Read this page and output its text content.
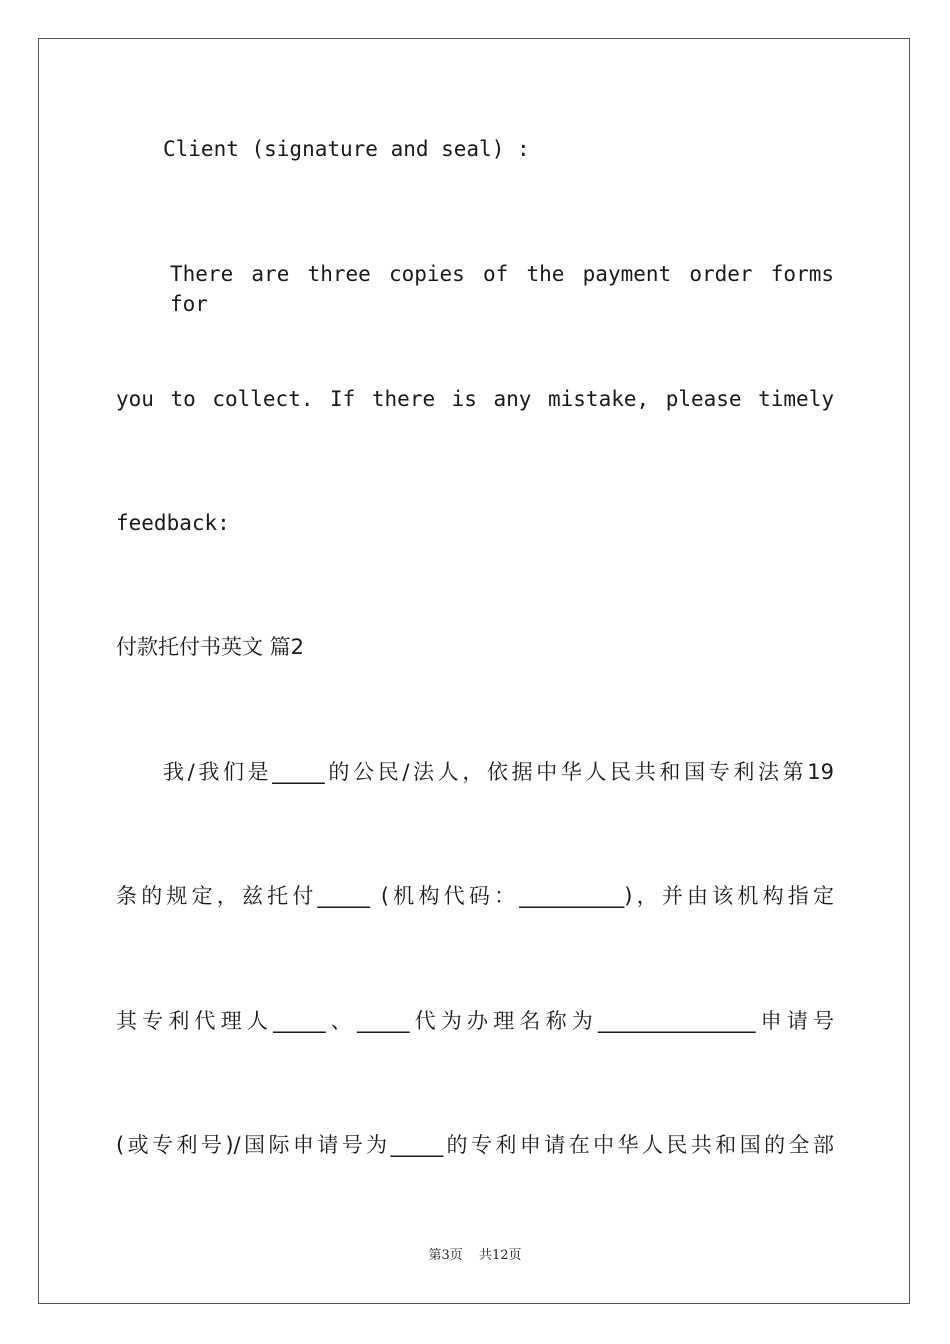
Client (signature and seal) :

There are three copies of the payment order forms for

you to collect. If there is any mistake, please timely

feedback:

付款托付书英文 篇2

我/我们是_____的公民/法人，依据中华人民共和国专利法第19

条的规定，兹托付_____ (机构代码：__________)，并由该机构指定

其专利代理人_____、_____代为办理名称为_______________申请号

(或专利号)/国际申请号为_____的专利申请在中华人民共和国的全部

第3页 共12页
